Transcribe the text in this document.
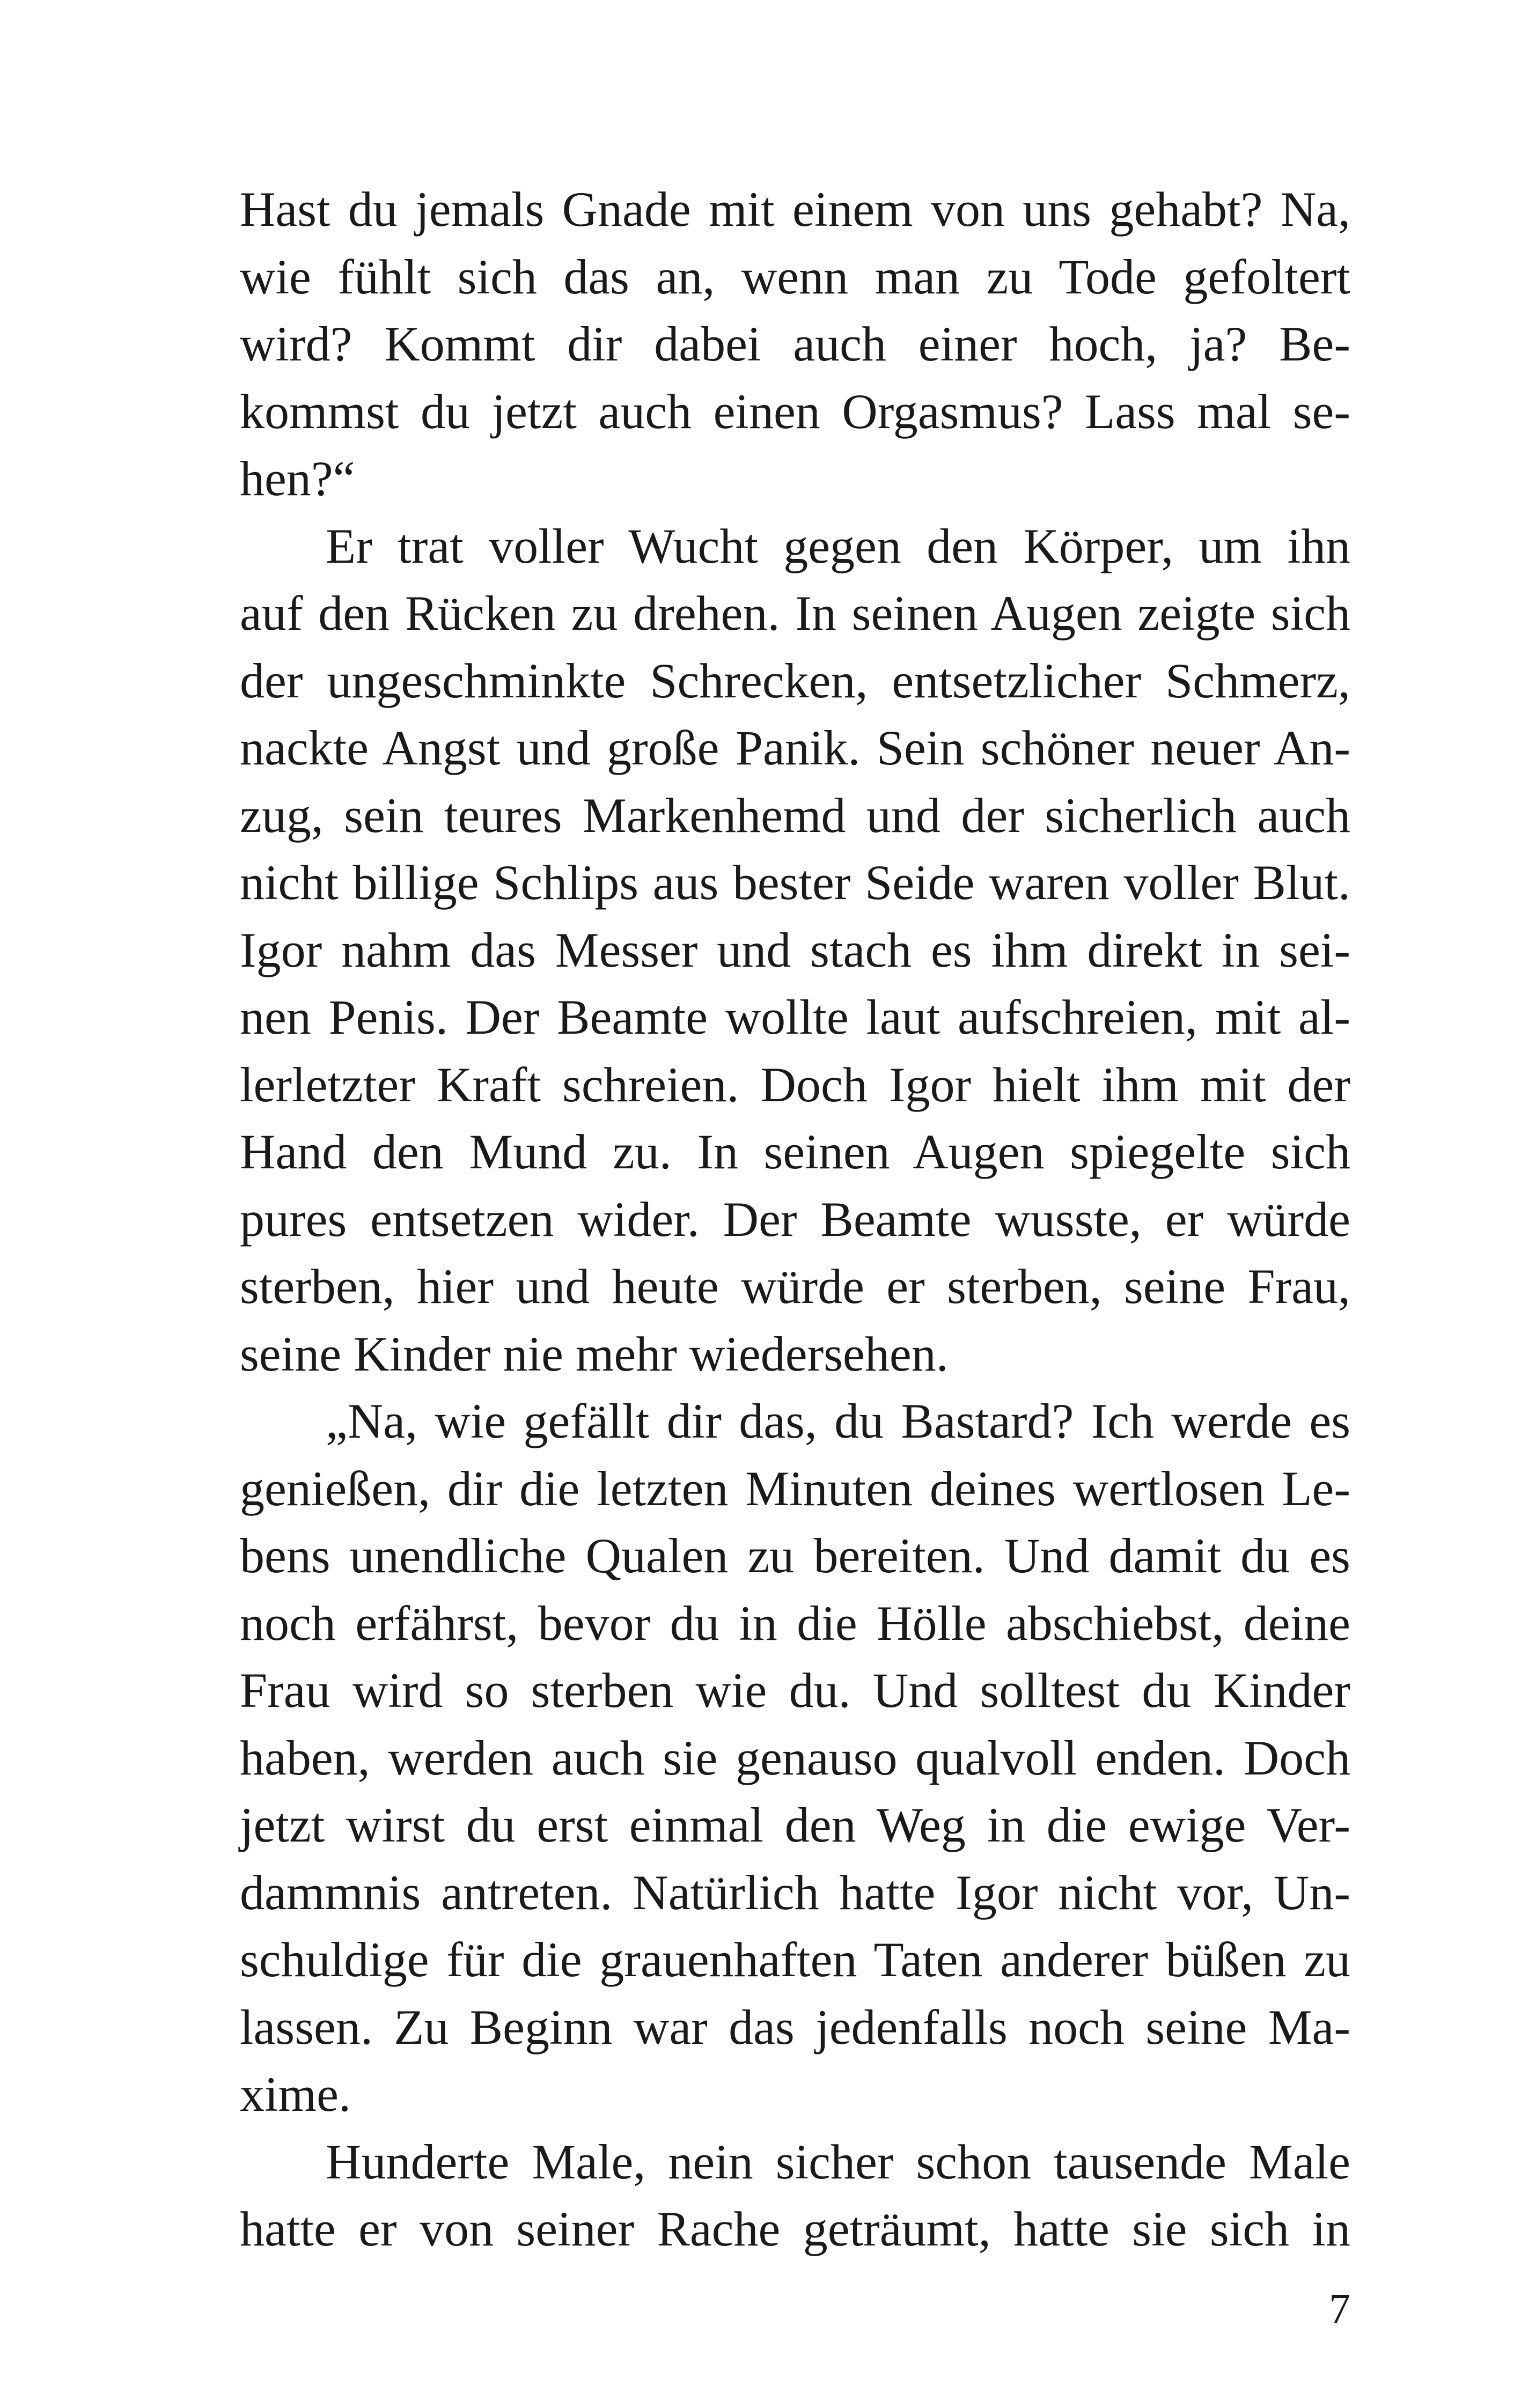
Hast du jemals Gnade mit einem von uns gehabt? Na,
wie fühlt sich das an, wenn man zu Tode gefoltert
wird? Kommt dir dabei auch einer hoch, ja? Be-
kommst du jetzt auch einen Orgasmus? Lass mal se-
hen?“
Er trat voller Wucht gegen den Körper, um ihn
auf den Rücken zu drehen. In seinen Augen zeigte sich
der ungeschminkte Schrecken, entsetzlicher Schmerz,
nackte Angst und große Panik. Sein schöner neuer An-
zug, sein teures Markenhemd und der sicherlich auch
nicht billige Schlips aus bester Seide waren voller Blut.
Igor nahm das Messer und stach es ihm direkt in sei-
nen Penis. Der Beamte wollte laut aufschreien, mit al-
lerletzter Kraft schreien. Doch Igor hielt ihm mit der
Hand den Mund zu. In seinen Augen spiegelte sich
pures entsetzen wider. Der Beamte wusste, er würde
sterben, hier und heute würde er sterben, seine Frau,
seine Kinder nie mehr wiedersehen.
„Na, wie gefällt dir das, du Bastard? Ich werde es
genießen, dir die letzten Minuten deines wertlosen Le-
bens unendliche Qualen zu bereiten. Und damit du es
noch erfährst, bevor du in die Hölle abschiebst, deine
Frau wird so sterben wie du. Und solltest du Kinder
haben, werden auch sie genauso qualvoll enden. Doch
jetzt wirst du erst einmal den Weg in die ewige Ver-
dammnis antreten. Natürlich hatte Igor nicht vor, Un-
schuldige für die grauenhaften Taten anderer büßen zu
lassen. Zu Beginn war das jedenfalls noch seine Ma-
xime.
Hunderte Male, nein sicher schon tausende Male
hatte er von seiner Rache geträumt, hatte sie sich in
7
